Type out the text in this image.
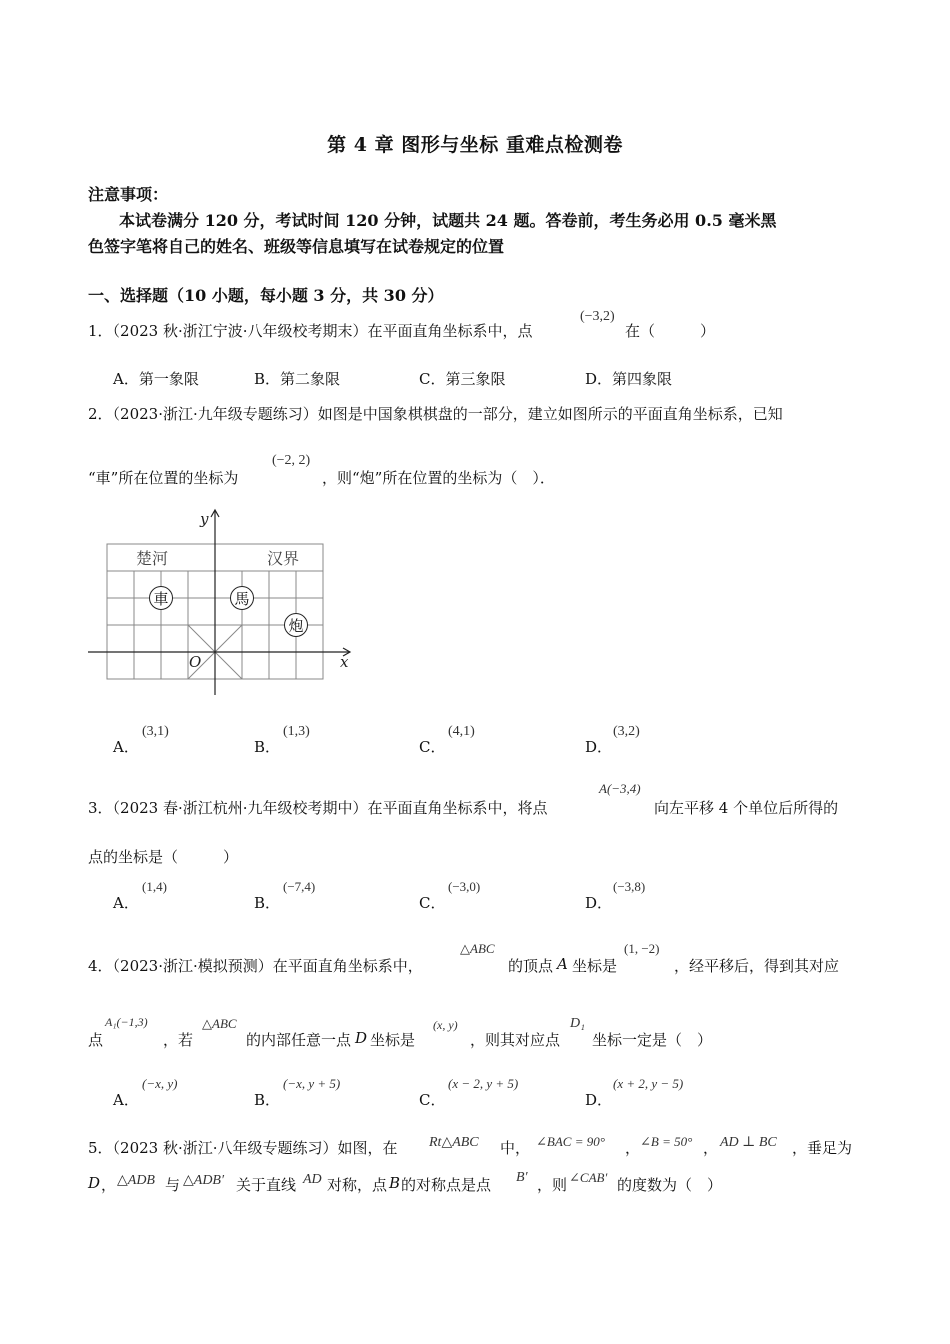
第 4 章 图形与坐标 重难点检测卷
注意事项：
本试卷满分 120 分，考试时间 120 分钟，试题共 24 题。答卷前，考生务必用 0.5 毫米黑
色签字笔将自己的姓名、班级等信息填写在试卷规定的位置
一、选择题（10 小题，每小题 3 分，共 30 分）
1．（2023 秋·浙江宁波·八年级校考期末）在平面直角坐标系中，点
(−3,2)
在（　　　）
A．第一象限	B．第二象限	C．第三象限	D．第四象限
2．（2023·浙江·九年级专题练习）如图是中国象棋棋盘的一部分，建立如图所示的平面直角坐标系，已知
“車”所在位置的坐标为
(−2, 2)
，则“炮”所在位置的坐标为（　）．
y
x
O
楚河	汉界
車	馬
炮
A．
(3,1)
B．
(1,3)
C．
(4,1)
D．
(3,2)
3．（2023 春·浙江杭州·九年级校考期中）在平面直角坐标系中，将点
A(−3,4)
向左平移 4 个单位后所得的
点的坐标是（　　　）
A．
(1,4)
B．
(−7,4)
C．
(−3,0)
D．
(−3,8)
4．（2023·浙江·模拟预测）在平面直角坐标系中，
△ABC
的顶点 A 坐标是
(1, −2)
，经平移后，得到其对应
点
A₁(−1,3)
，若
△ABC
的内部任意一点 D 坐标是
(x, y)
，则其对应点
D₁
坐标一定是（　）
A．
(−x, y)
B．
(−x, y + 5)
C．
(x − 2, y + 5)
D．
(x + 2, y − 5)
5．（2023 秋·浙江·八年级专题练习）如图，在 Rt△ABC 中， ∠BAC = 90° ， ∠B = 50° ， AD ⊥ BC ，垂足为
D ， △ADB 与 △ADB′ 关于直线 AD 对称，点 B 的对称点是点 B′ ，则 ∠CAB′ 的度数为（　）
